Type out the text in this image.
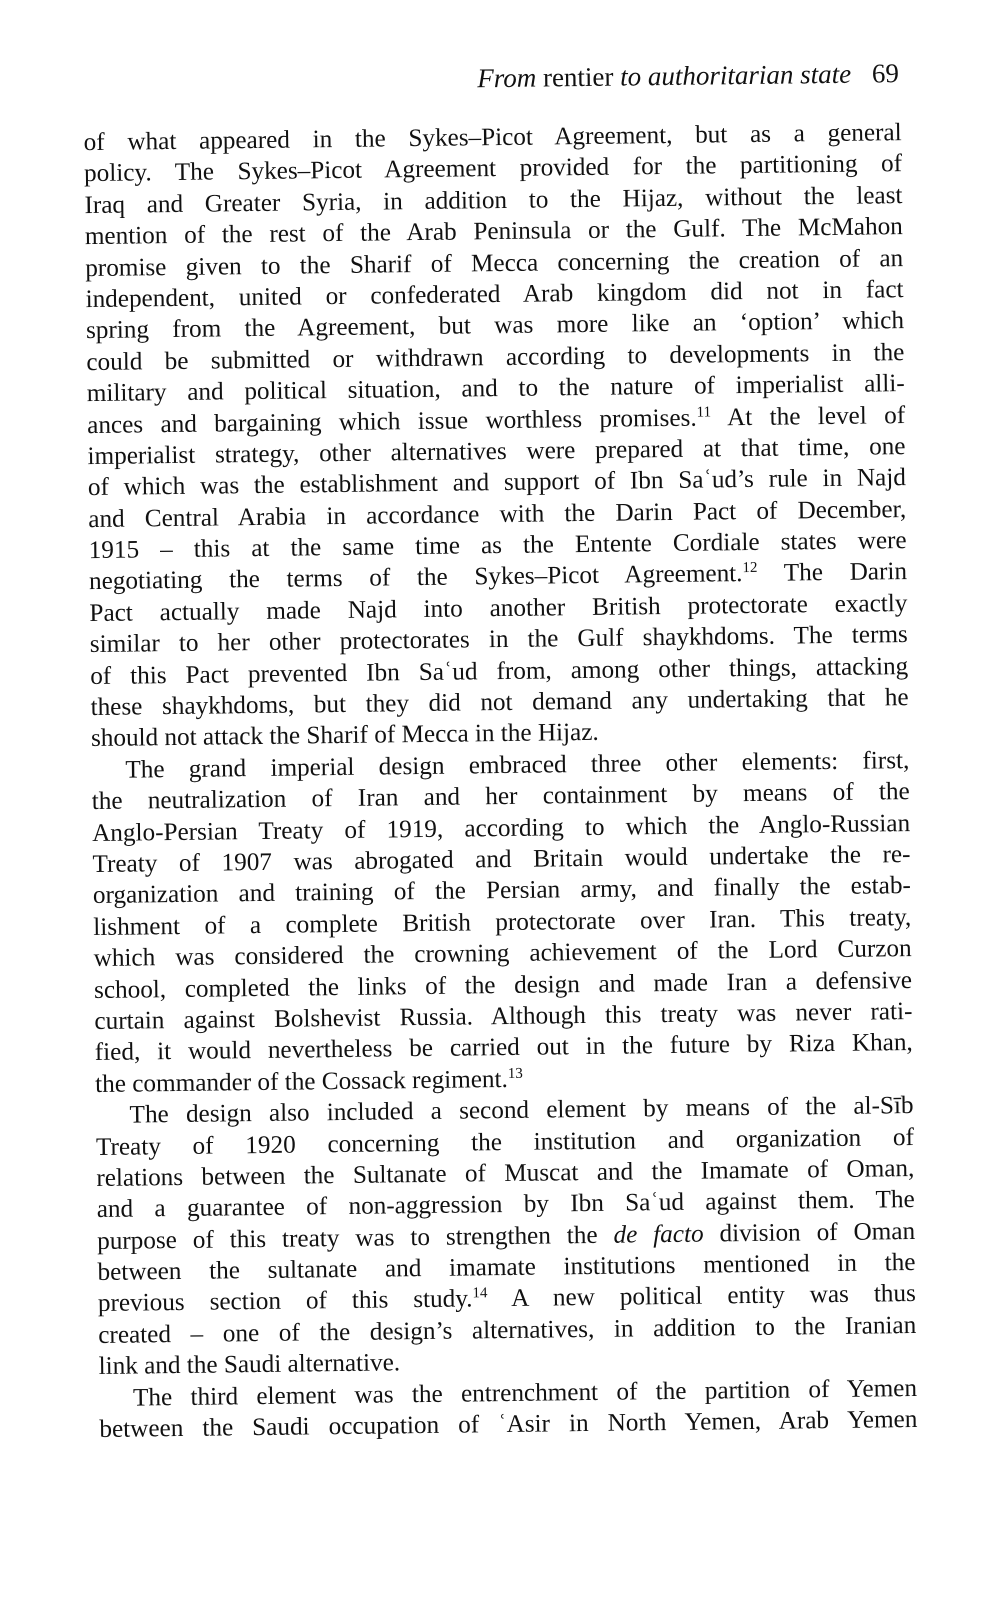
From rentier to authoritarian state 69
of what appeared in the Sykes–Picot Agreement, but as a general
policy. The Sykes–Picot Agreement provided for the partitioning of
Iraq and Greater Syria, in addition to the Hijaz, without the least
mention of the rest of the Arab Peninsula or the Gulf. The McMahon
promise given to the Sharif of Mecca concerning the creation of an
independent, united or confederated Arab kingdom did not in fact
spring from the Agreement, but was more like an ‘option’ which
could be submitted or withdrawn according to developments in the
military and political situation, and to the nature of imperialist alli-
ances and bargaining which issue worthless promises.$^{11}$ At the level of
imperialist strategy, other alternatives were prepared at that time, one
of which was the establishment and support of Ibn Saʿud’s rule in Najd
and Central Arabia in accordance with the Darin Pact of December,
1915 – this at the same time as the Entente Cordiale states were
negotiating the terms of the Sykes–Picot Agreement.$^{12}$ The Darin
Pact actually made Najd into another British protectorate exactly
similar to her other protectorates in the Gulf shaykhdoms. The terms
of this Pact prevented Ibn Saʿud from, among other things, attacking
these shaykhdoms, but they did not demand any undertaking that he
should not attack the Sharif of Mecca in the Hijaz.
The grand imperial design embraced three other elements: first,
the neutralization of Iran and her containment by means of the
Anglo-Persian Treaty of 1919, according to which the Anglo-Russian
Treaty of 1907 was abrogated and Britain would undertake the re-
organization and training of the Persian army, and finally the estab-
lishment of a complete British protectorate over Iran. This treaty,
which was considered the crowning achievement of the Lord Curzon
school, completed the links of the design and made Iran a defensive
curtain against Bolshevist Russia. Although this treaty was never rati-
fied, it would nevertheless be carried out in the future by Riza Khan,
the commander of the Cossack regiment.$^{13}$
The design also included a second element by means of the al-Sīb
Treaty of 1920 concerning the institution and organization of
relations between the Sultanate of Muscat and the Imamate of Oman,
and a guarantee of non-aggression by Ibn Saʿud against them. The
purpose of this treaty was to strengthen the de facto division of Oman
between the sultanate and imamate institutions mentioned in the
previous section of this study.$^{14}$ A new political entity was thus
created – one of the design’s alternatives, in addition to the Iranian
link and the Saudi alternative.
The third element was the entrenchment of the partition of Yemen
between the Saudi occupation of ʿAsir in North Yemen, Arab Yemen
